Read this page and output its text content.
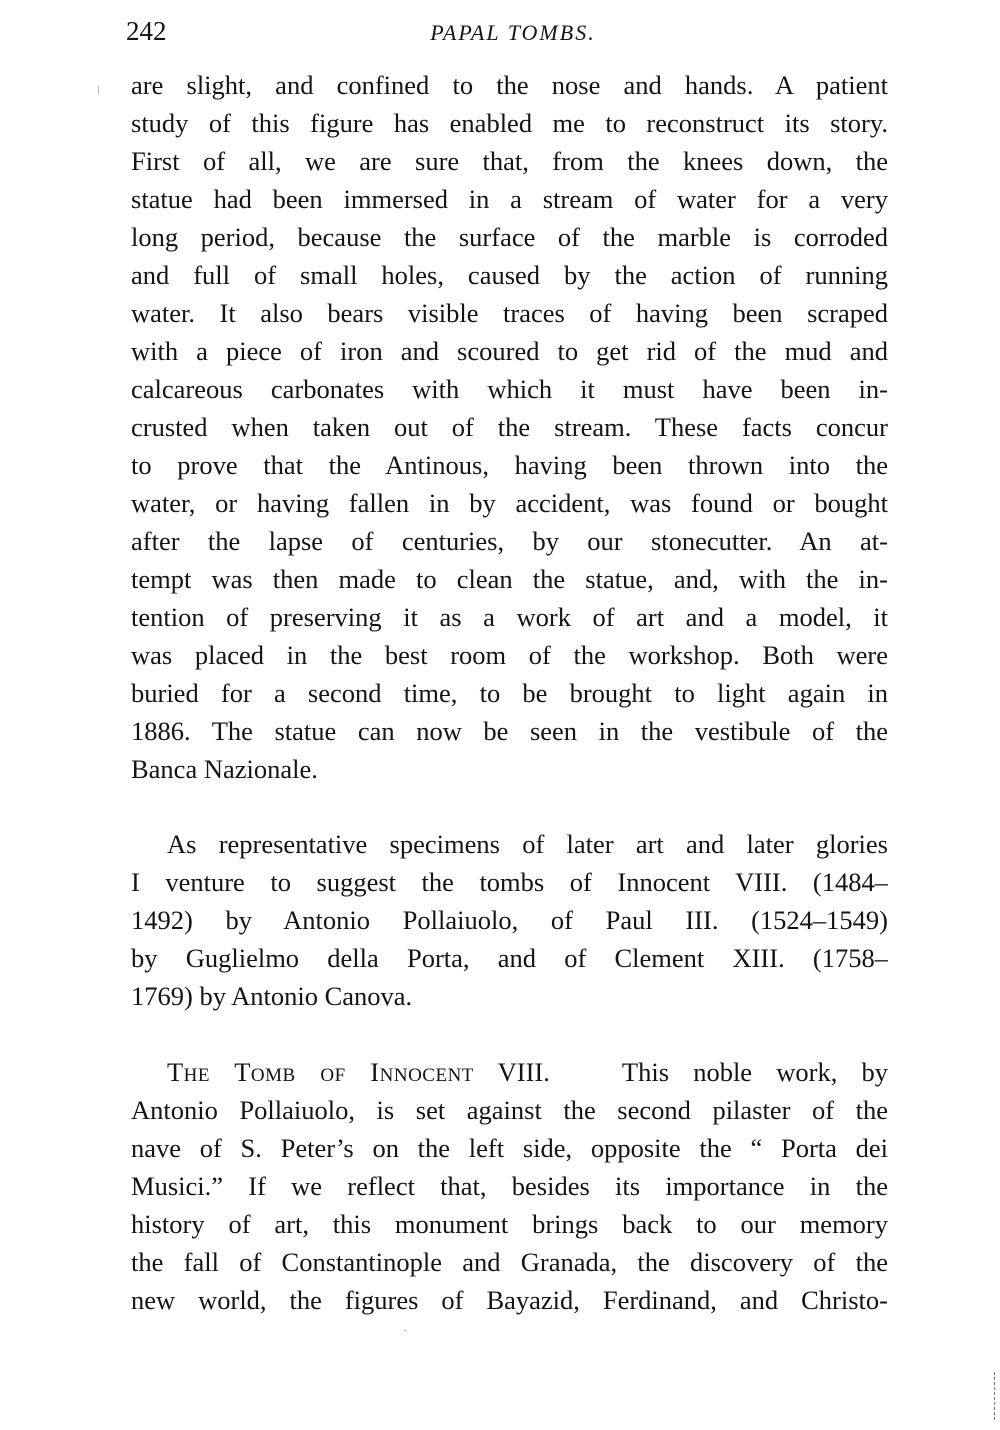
242	PAPAL TOMBS.
are slight, and confined to the nose and hands. A patient
study of this figure has enabled me to reconstruct its story.
First of all, we are sure that, from the knees down, the
statue had been immersed in a stream of water for a very
long period, because the surface of the marble is corroded
and full of small holes, caused by the action of running
water. It also bears visible traces of having been scraped
with a piece of iron and scoured to get rid of the mud and
calcareous carbonates with which it must have been in-
crusted when taken out of the stream. These facts concur
to prove that the Antinous, having been thrown into the
water, or having fallen in by accident, was found or bought
after the lapse of centuries, by our stonecutter. An at-
tempt was then made to clean the statue, and, with the in-
tention of preserving it as a work of art and a model, it
was placed in the best room of the workshop. Both were
buried for a second time, to be brought to light again in
1886. The statue can now be seen in the vestibule of the
Banca Nazionale.
As representative specimens of later art and later glories
I venture to suggest the tombs of Innocent VIII. (1484–
1492) by Antonio Pollaiuolo, of Paul III. (1524–1549)
by Guglielmo della Porta, and of Clement XIII. (1758–
1769) by Antonio Canova.
The Tomb of Innocent VIII.	This noble work, by
Antonio Pollaiuolo, is set against the second pilaster of the
nave of S. Peter’s on the left side, opposite the “ Porta dei
Musici.” If we reflect that, besides its importance in the
history of art, this monument brings back to our memory
the fall of Constantinople and Granada, the discovery of the
new world, the figures of Bayazid, Ferdinand, and Christo-
